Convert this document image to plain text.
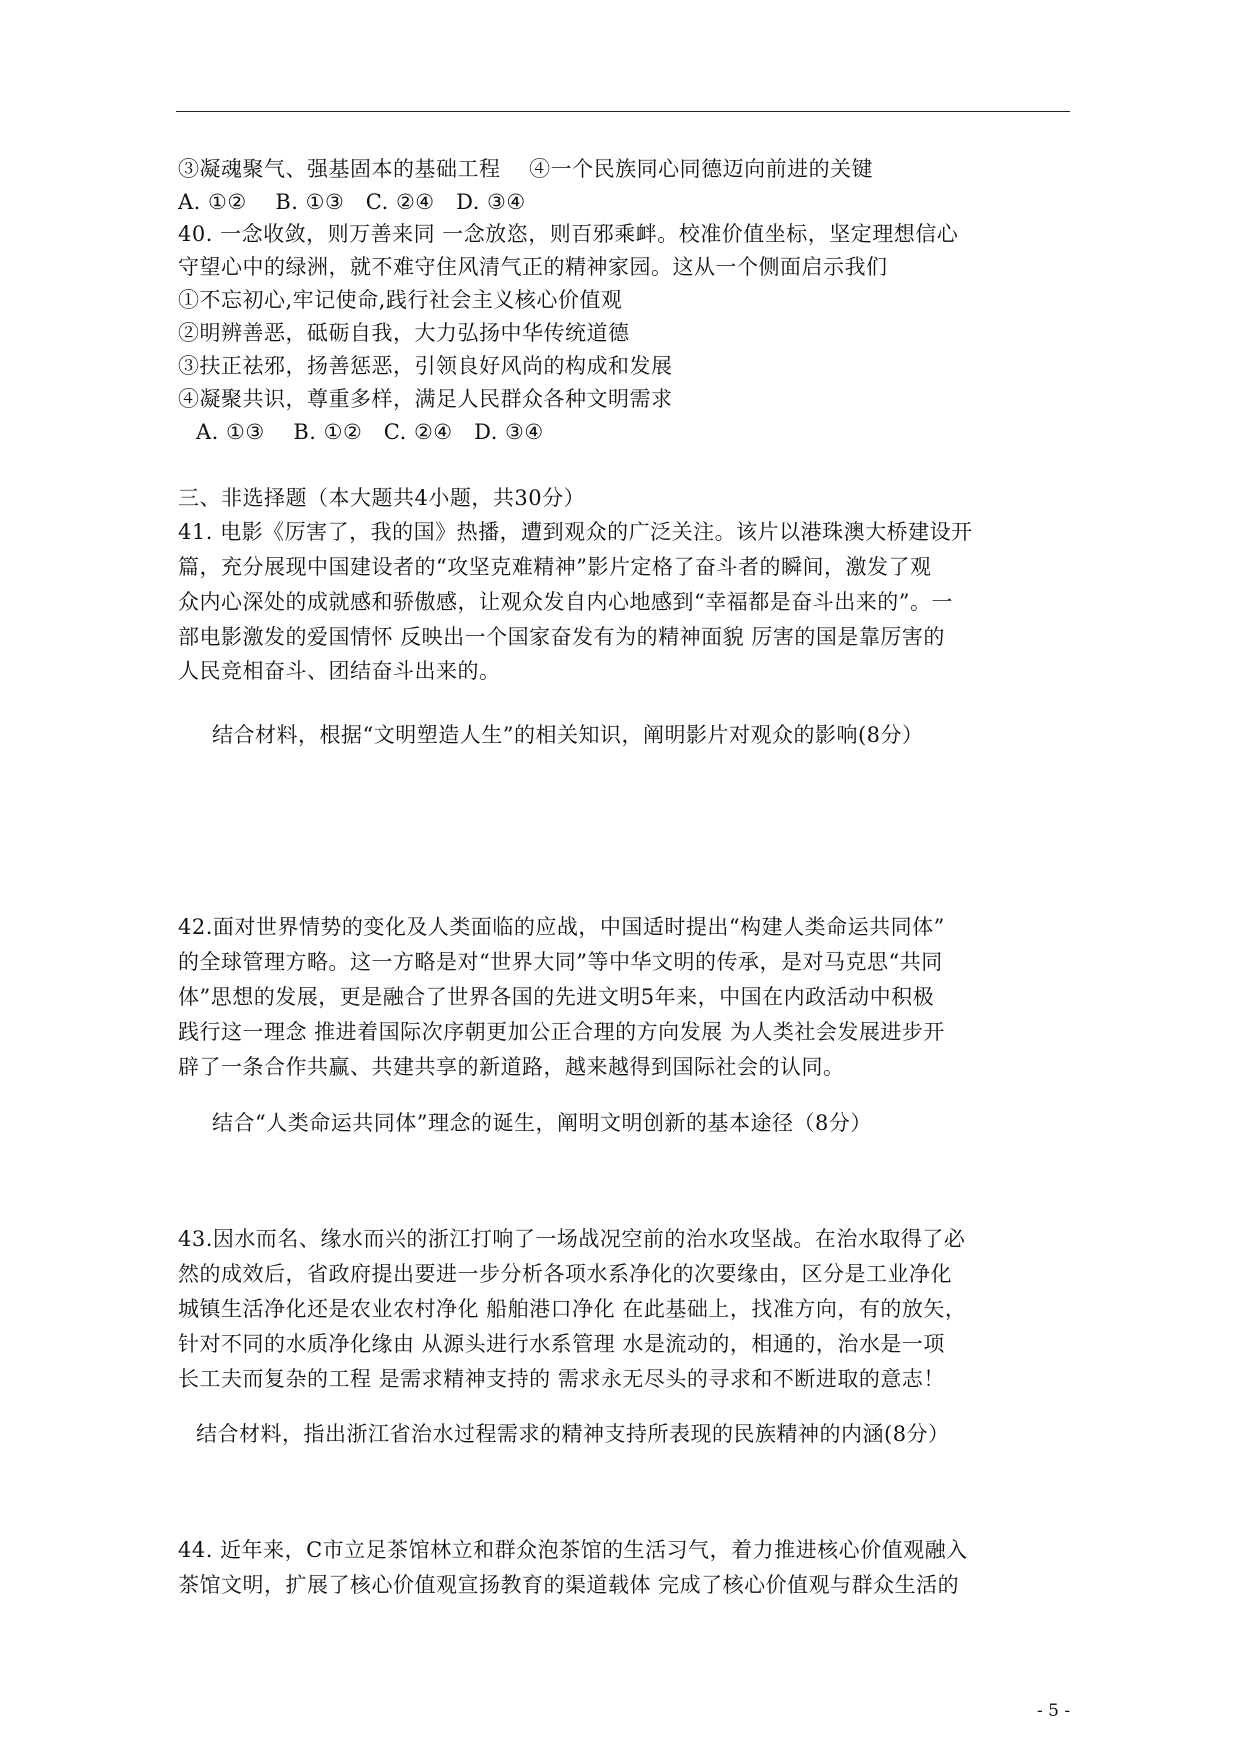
③凝魂聚气、强基固本的基础工程　 ④一个民族同心同德迈向前进的关键
A. ①②　 B. ①③　C. ②④　D. ③④
40. 一念收敛，则万善来同 一念放恣，则百邪乘衅。校准价值坐标，坚定理想信心
守望心中的绿洲，就不难守住风清气正的精神家园。这从一个侧面启示我们
①不忘初心,牢记使命,践行社会主义核心价值观
②明辨善恶，砥砺自我，大力弘扬中华传统道德
③扶正祛邪，扬善惩恶，引领良好风尚的构成和发展
④凝聚共识，尊重多样，满足人民群众各种文明需求
A. ①③　 B. ①②　C. ②④　D. ③④
三、非选择题（本大题共4小题，共30分）
41. 电影《厉害了，我的国》热播，遭到观众的广泛关注。该片以港珠澳大桥建设开
篇，充分展现中国建设者的“攻坚克难精神”影片定格了奋斗者的瞬间，激发了观
众内心深处的成就感和骄傲感，让观众发自内心地感到“幸福都是奋斗出来的”。一
部电影激发的爱国情怀 反映出一个国家奋发有为的精神面貌 厉害的国是靠厉害的
人民竞相奋斗、团结奋斗出来的。
结合材料，根据“文明塑造人生”的相关知识，阐明影片对观众的影响(8分）
42.面对世界情势的变化及人类面临的应战，中国适时提出“构建人类命运共同体”
的全球管理方略。这一方略是对“世界大同”等中华文明的传承，是对马克思“共同
体”思想的发展，更是融合了世界各国的先进文明5年来，中国在内政活动中积极
践行这一理念 推进着国际次序朝更加公正合理的方向发展 为人类社会发展进步开
辟了一条合作共赢、共建共享的新道路，越来越得到国际社会的认同。
结合“人类命运共同体”理念的诞生，阐明文明创新的基本途径（8分）
43.因水而名、缘水而兴的浙江打响了一场战况空前的治水攻坚战。在治水取得了必
然的成效后，省政府提出要进一步分析各项水系净化的次要缘由，区分是工业净化
城镇生活净化还是农业农村净化 船舶港口净化 在此基础上，找准方向，有的放矢，
针对不同的水质净化缘由 从源头进行水系管理 水是流动的，相通的，治水是一项
长工夫而复杂的工程 是需求精神支持的 需求永无尽头的寻求和不断进取的意志！
结合材料，指出浙江省治水过程需求的精神支持所表现的民族精神的内涵(8分）
44. 近年来，C市立足茶馆林立和群众泡茶馆的生活习气，着力推进核心价值观融入
茶馆文明，扩展了核心价值观宣扬教育的渠道载体 完成了核心价值观与群众生活的
- 5 -
